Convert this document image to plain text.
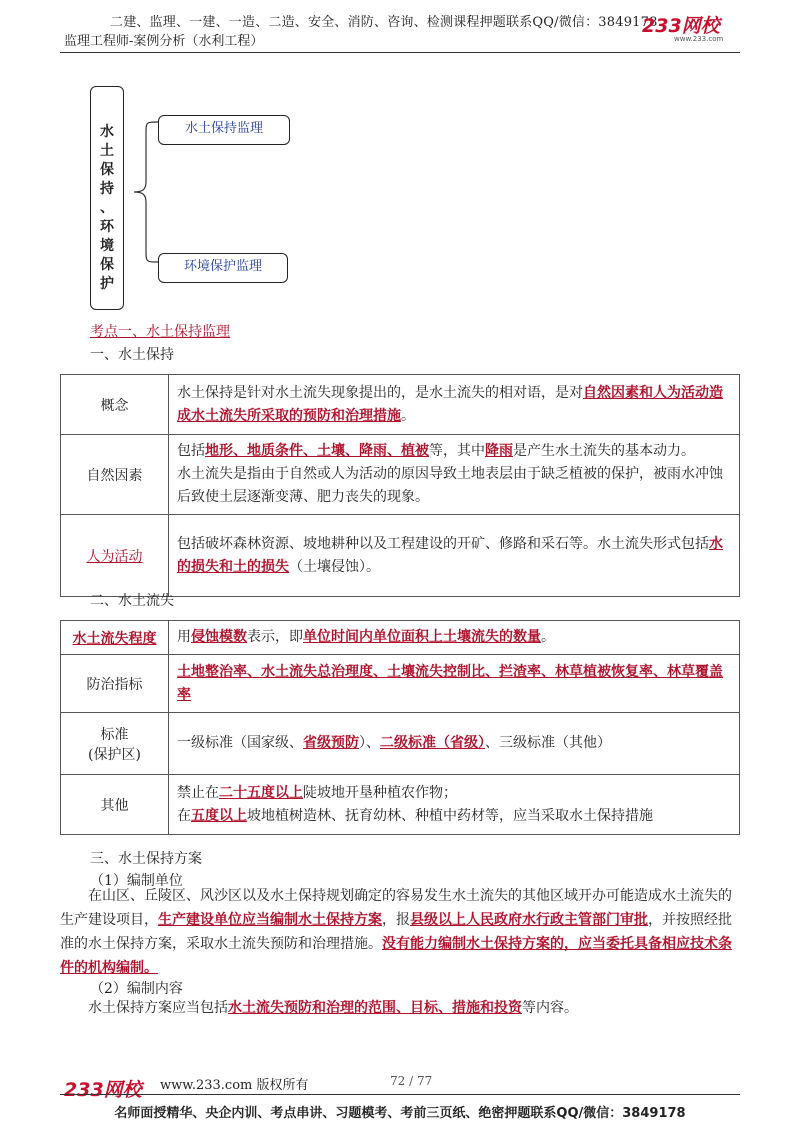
二建、监理、一建、一造、二造、安全、消防、咨询、检测课程押题联系QQ/微信：3849178
监理工程师-案例分析（水利工程）
233网校
www.233.com
水
土
保
持
、
环
境
保
护
水土保持监理
环境保护监理
考点一、水土保持监理
一、水土保持
概念	水土保持是针对水土流失现象提出的，是水土流失的相对语，是对自然因素和人为活动造成水土流失所采取的预防和治理措施。
自然因素	包括地形、地质条件、土壤、降雨、植被等，其中降雨是产生水土流失的基本动力。
水土流失是指由于自然或人为活动的原因导致土地表层由于缺乏植被的保护，被雨水冲蚀后致使土层逐渐变薄、肥力丧失的现象。
人为活动	包括破坏森林资源、坡地耕种以及工程建设的开矿、修路和采石等。水土流失形式包括水的损失和土的损失（土壤侵蚀）。
二、水土流失
水土流失程度	用侵蚀模数表示，即单位时间内单位面积上土壤流失的数量。
防治指标	土地整治率、水土流失总治理度、土壤流失控制比、拦渣率、林草植被恢复率、林草覆盖率
标准
(保护区)	一级标准（国家级、省级预防）、二级标准（省级）、三级标准（其他）
其他	禁止在二十五度以上陡坡地开垦种植农作物；
在五度以上坡地植树造林、抚育幼林、种植中药材等，应当采取水土保持措施
三、水土保持方案
（1）编制单位
在山区、丘陵区、风沙区以及水土保持规划确定的容易发生水土流失的其他区域开办可能造成水土流失的生产建设项目，生产建设单位应当编制水土保持方案，报县级以上人民政府水行政主管部门审批，并按照经批准的水土保持方案，采取水土流失预防和治理措施。没有能力编制水土保持方案的，应当委托具备相应技术条件的机构编制。
（2）编制内容
水土保持方案应当包括水土流失预防和治理的范围、目标、措施和投资等内容。
233网校 www.233.com 版权所有	72 / 77
名师面授精华、央企内训、考点串讲、习题模考、考前三页纸、绝密押题联系QQ/微信：3849178
